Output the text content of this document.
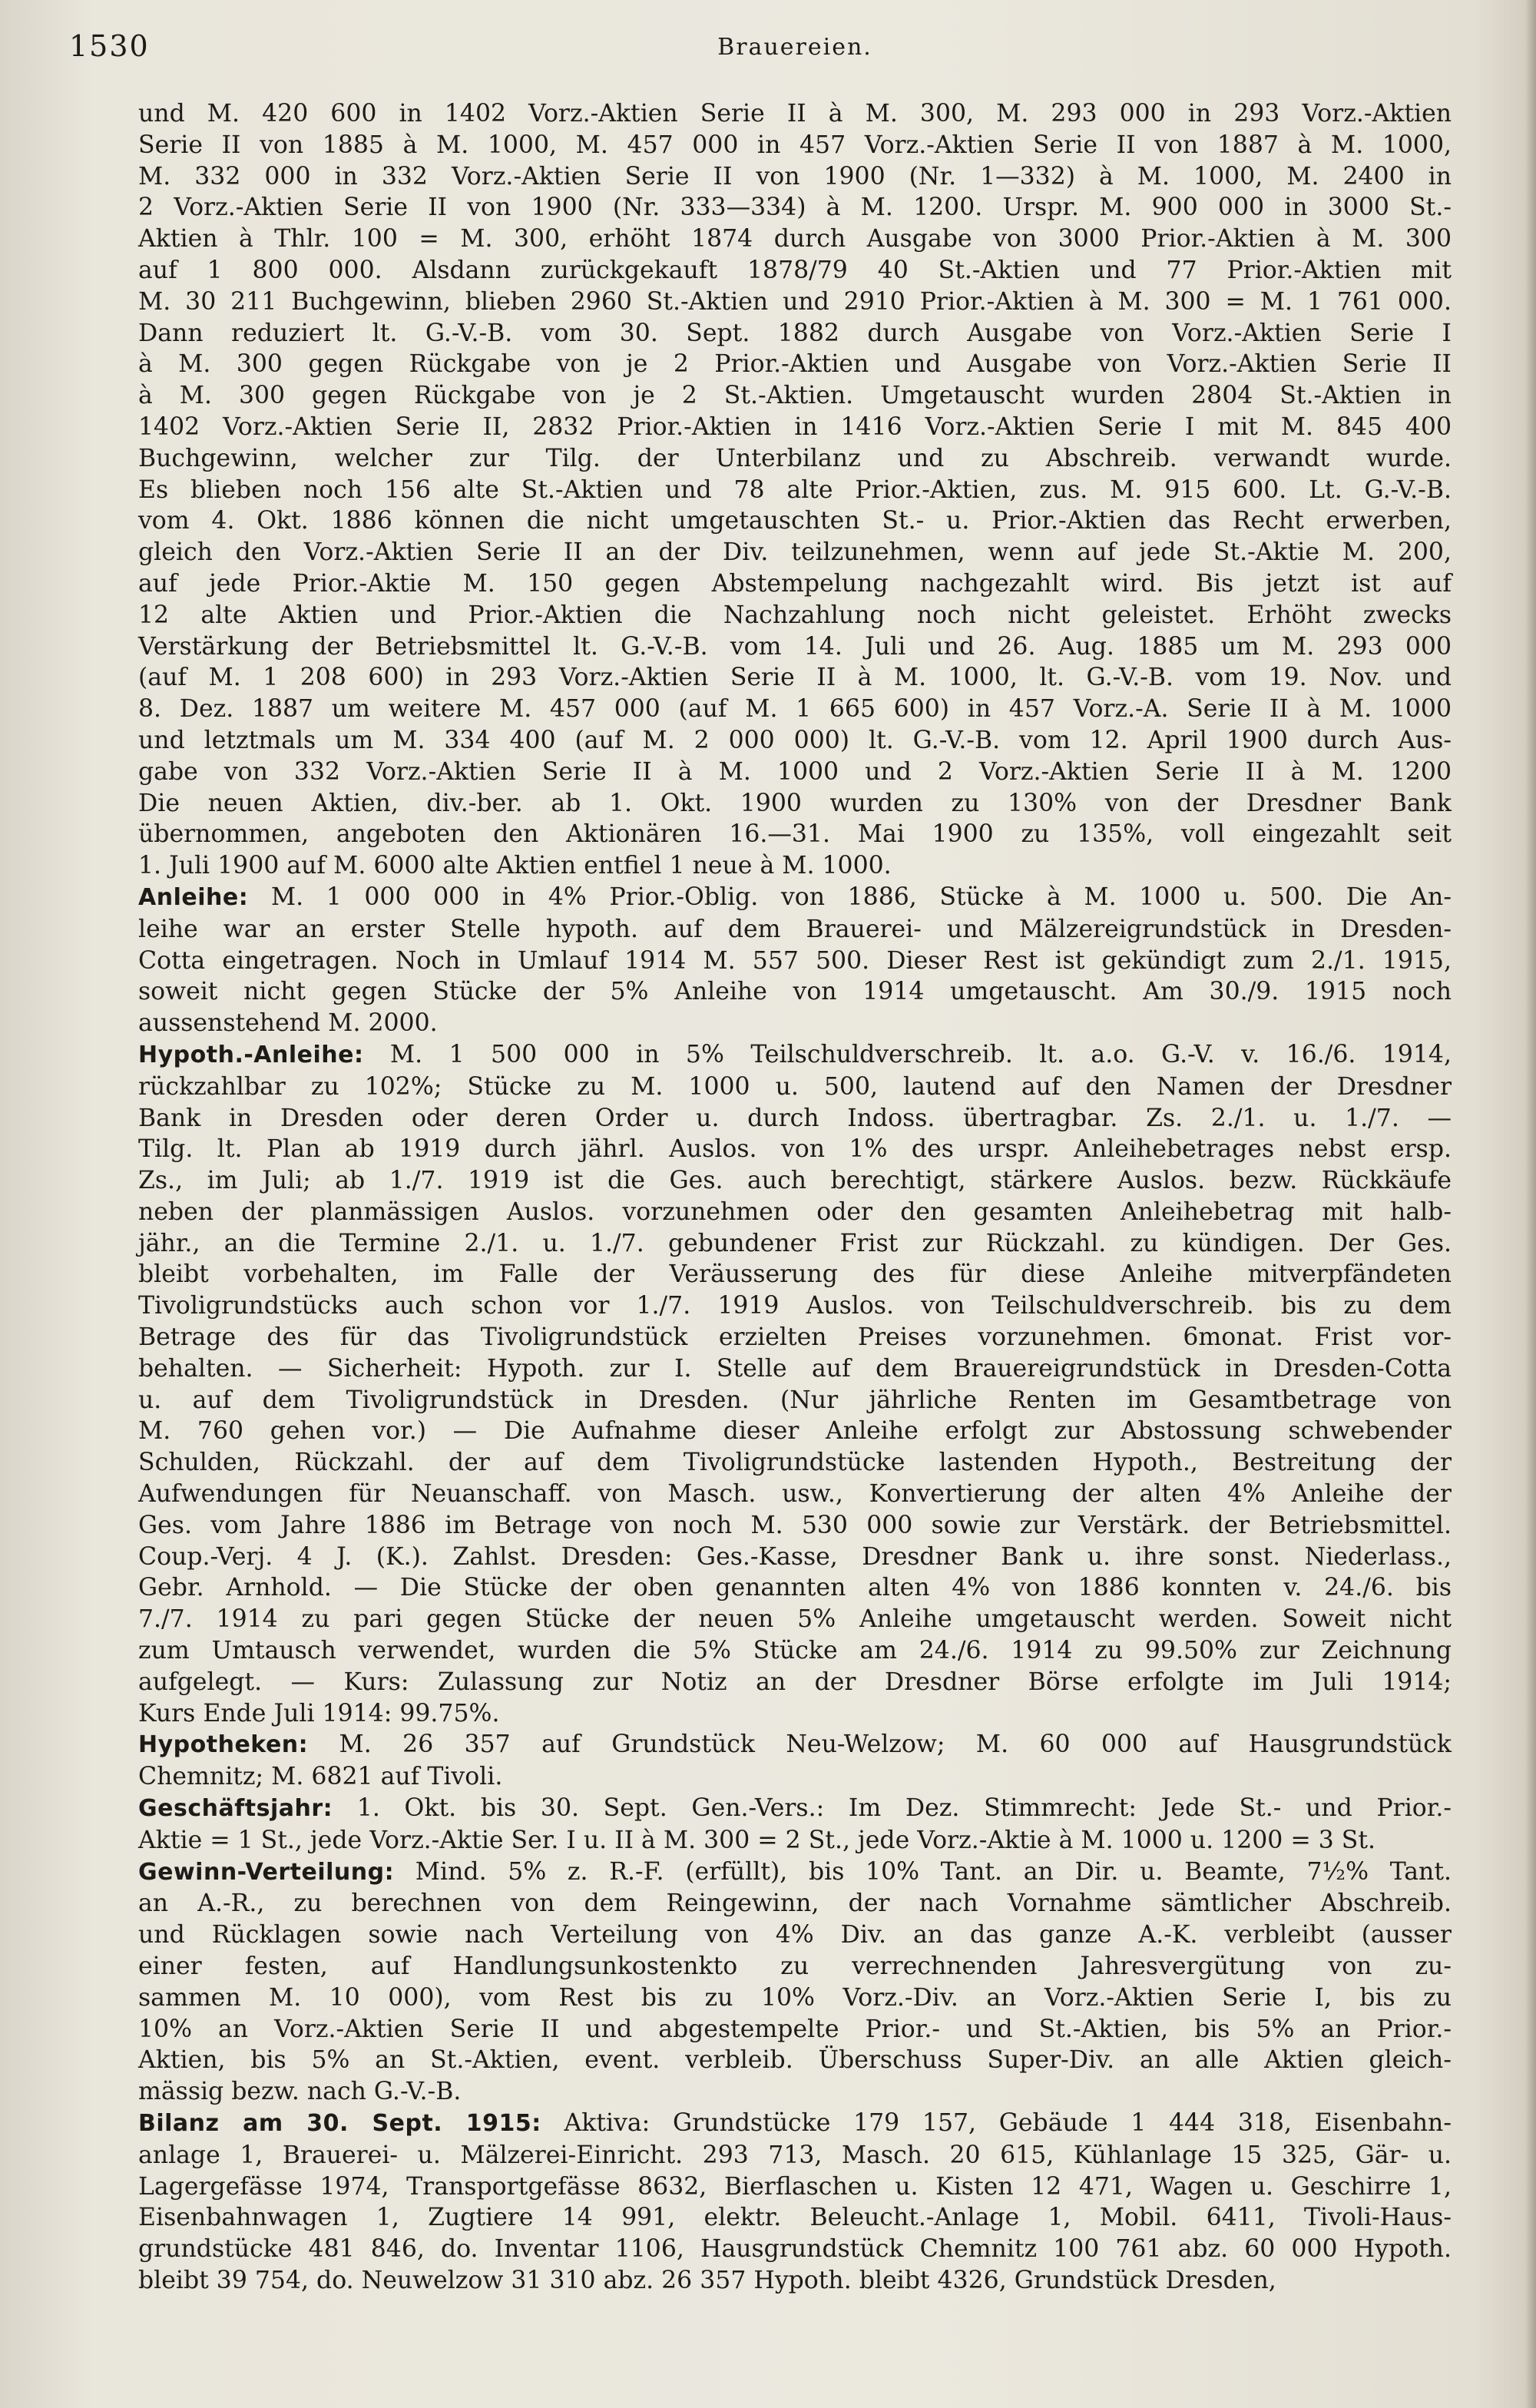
1530	Brauereien.
und M. 420 600 in 1402 Vorz.-Aktien Serie II à M. 300, M. 293 000 in 293 Vorz.-Aktien
Serie II von 1885 à M. 1000, M. 457 000 in 457 Vorz.-Aktien Serie II von 1887 à M. 1000,
M. 332 000 in 332 Vorz.-Aktien Serie II von 1900 (Nr. 1—332) à M. 1000, M. 2400 in
2 Vorz.-Aktien Serie II von 1900 (Nr. 333—334) à M. 1200. Urspr. M. 900 000 in 3000 St.-
Aktien à Thlr. 100 = M. 300, erhöht 1874 durch Ausgabe von 3000 Prior.-Aktien à M. 300
auf 1 800 000. Alsdann zurückgekauft 1878/79 40 St.-Aktien und 77 Prior.-Aktien mit
M. 30 211 Buchgewinn, blieben 2960 St.-Aktien und 2910 Prior.-Aktien à M. 300 = M. 1 761 000.
Dann reduziert lt. G.-V.-B. vom 30. Sept. 1882 durch Ausgabe von Vorz.-Aktien Serie I
à M. 300 gegen Rückgabe von je 2 Prior.-Aktien und Ausgabe von Vorz.-Aktien Serie II
à M. 300 gegen Rückgabe von je 2 St.-Aktien. Umgetauscht wurden 2804 St.-Aktien in
1402 Vorz.-Aktien Serie II, 2832 Prior.-Aktien in 1416 Vorz.-Aktien Serie I mit M. 845 400
Buchgewinn, welcher zur Tilg. der Unterbilanz und zu Abschreib. verwandt wurde.
Es blieben noch 156 alte St.-Aktien und 78 alte Prior.-Aktien, zus. M. 915 600. Lt. G.-V.-B.
vom 4. Okt. 1886 können die nicht umgetauschten St.- u. Prior.-Aktien das Recht erwerben,
gleich den Vorz.-Aktien Serie II an der Div. teilzunehmen, wenn auf jede St.-Aktie M. 200,
auf jede Prior.-Aktie M. 150 gegen Abstempelung nachgezahlt wird. Bis jetzt ist auf
12 alte Aktien und Prior.-Aktien die Nachzahlung noch nicht geleistet. Erhöht zwecks
Verstärkung der Betriebsmittel lt. G.-V.-B. vom 14. Juli und 26. Aug. 1885 um M. 293 000
(auf M. 1 208 600) in 293 Vorz.-Aktien Serie II à M. 1000, lt. G.-V.-B. vom 19. Nov. und
8. Dez. 1887 um weitere M. 457 000 (auf M. 1 665 600) in 457 Vorz.-A. Serie II à M. 1000
und letztmals um M. 334 400 (auf M. 2 000 000) lt. G.-V.-B. vom 12. April 1900 durch Aus-
gabe von 332 Vorz.-Aktien Serie II à M. 1000 und 2 Vorz.-Aktien Serie II à M. 1200
Die neuen Aktien, div.-ber. ab 1. Okt. 1900 wurden zu 130% von der Dresdner Bank
übernommen, angeboten den Aktionären 16.—31. Mai 1900 zu 135%, voll eingezahlt seit
1. Juli 1900 auf M. 6000 alte Aktien entfiel 1 neue à M. 1000.
Anleihe: M. 1 000 000 in 4% Prior.-Oblig. von 1886, Stücke à M. 1000 u. 500. Die An-
leihe war an erster Stelle hypoth. auf dem Brauerei- und Mälzereigrundstück in Dresden-
Cotta eingetragen. Noch in Umlauf 1914 M. 557 500. Dieser Rest ist gekündigt zum 2./1. 1915,
soweit nicht gegen Stücke der 5% Anleihe von 1914 umgetauscht. Am 30./9. 1915 noch
aussenstehend M. 2000.
Hypoth.-Anleihe: M. 1 500 000 in 5% Teilschuldverschreib. lt. a.o. G.-V. v. 16./6. 1914,
rückzahlbar zu 102%; Stücke zu M. 1000 u. 500, lautend auf den Namen der Dresdner
Bank in Dresden oder deren Order u. durch Indoss. übertragbar. Zs. 2./1. u. 1./7. —
Tilg. lt. Plan ab 1919 durch jährl. Auslos. von 1% des urspr. Anleihebetrages nebst ersp.
Zs., im Juli; ab 1./7. 1919 ist die Ges. auch berechtigt, stärkere Auslos. bezw. Rückkäufe
neben der planmässigen Auslos. vorzunehmen oder den gesamten Anleihebetrag mit halb-
jähr., an die Termine 2./1. u. 1./7. gebundener Frist zur Rückzahl. zu kündigen. Der Ges.
bleibt vorbehalten, im Falle der Veräusserung des für diese Anleihe mitverpfändeten
Tivoligrundstücks auch schon vor 1./7. 1919 Auslos. von Teilschuldverschreib. bis zu dem
Betrage des für das Tivoligrundstück erzielten Preises vorzunehmen. 6monat. Frist vor-
behalten. — Sicherheit: Hypoth. zur I. Stelle auf dem Brauereigrundstück in Dresden-Cotta
u. auf dem Tivoligrundstück in Dresden. (Nur jährliche Renten im Gesamtbetrage von
M. 760 gehen vor.) — Die Aufnahme dieser Anleihe erfolgt zur Abstossung schwebender
Schulden, Rückzahl. der auf dem Tivoligrundstücke lastenden Hypoth., Bestreitung der
Aufwendungen für Neuanschaff. von Masch. usw., Konvertierung der alten 4% Anleihe der
Ges. vom Jahre 1886 im Betrage von noch M. 530 000 sowie zur Verstärk. der Betriebsmittel.
Coup.-Verj. 4 J. (K.). Zahlst. Dresden: Ges.-Kasse, Dresdner Bank u. ihre sonst. Niederlass.,
Gebr. Arnhold. — Die Stücke der oben genannten alten 4% von 1886 konnten v. 24./6. bis
7./7. 1914 zu pari gegen Stücke der neuen 5% Anleihe umgetauscht werden. Soweit nicht
zum Umtausch verwendet, wurden die 5% Stücke am 24./6. 1914 zu 99.50% zur Zeichnung
aufgelegt. — Kurs: Zulassung zur Notiz an der Dresdner Börse erfolgte im Juli 1914;
Kurs Ende Juli 1914: 99.75%.
Hypotheken: M. 26 357 auf Grundstück Neu-Welzow; M. 60 000 auf Hausgrundstück
Chemnitz; M. 6821 auf Tivoli.
Geschäftsjahr: 1. Okt. bis 30. Sept. Gen.-Vers.: Im Dez. Stimmrecht: Jede St.- und Prior.-
Aktie = 1 St., jede Vorz.-Aktie Ser. I u. II à M. 300 = 2 St., jede Vorz.-Aktie à M. 1000 u. 1200 = 3 St.
Gewinn-Verteilung: Mind. 5% z. R.-F. (erfüllt), bis 10% Tant. an Dir. u. Beamte, 7½% Tant.
an A.-R., zu berechnen von dem Reingewinn, der nach Vornahme sämtlicher Abschreib.
und Rücklagen sowie nach Verteilung von 4% Div. an das ganze A.-K. verbleibt (ausser
einer festen, auf Handlungsunkostenkto zu verrechnenden Jahresvergütung von zu-
sammen M. 10 000), vom Rest bis zu 10% Vorz.-Div. an Vorz.-Aktien Serie I, bis zu
10% an Vorz.-Aktien Serie II und abgestempelte Prior.- und St.-Aktien, bis 5% an Prior.-
Aktien, bis 5% an St.-Aktien, event. verbleib. Überschuss Super-Div. an alle Aktien gleich-
mässig bezw. nach G.-V.-B.
Bilanz am 30. Sept. 1915: Aktiva: Grundstücke 179 157, Gebäude 1 444 318, Eisenbahn-
anlage 1, Brauerei- u. Mälzerei-Einricht. 293 713, Masch. 20 615, Kühlanlage 15 325, Gär- u.
Lagergefässe 1974, Transportgefässe 8632, Bierflaschen u. Kisten 12 471, Wagen u. Geschirre 1,
Eisenbahnwagen 1, Zugtiere 14 991, elektr. Beleucht.-Anlage 1, Mobil. 6411, Tivoli-Haus-
grundstücke 481 846, do. Inventar 1106, Hausgrundstück Chemnitz 100 761 abz. 60 000 Hypoth.
bleibt 39 754, do. Neuwelzow 31 310 abz. 26 357 Hypoth. bleibt 4326, Grundstück Dresden,
